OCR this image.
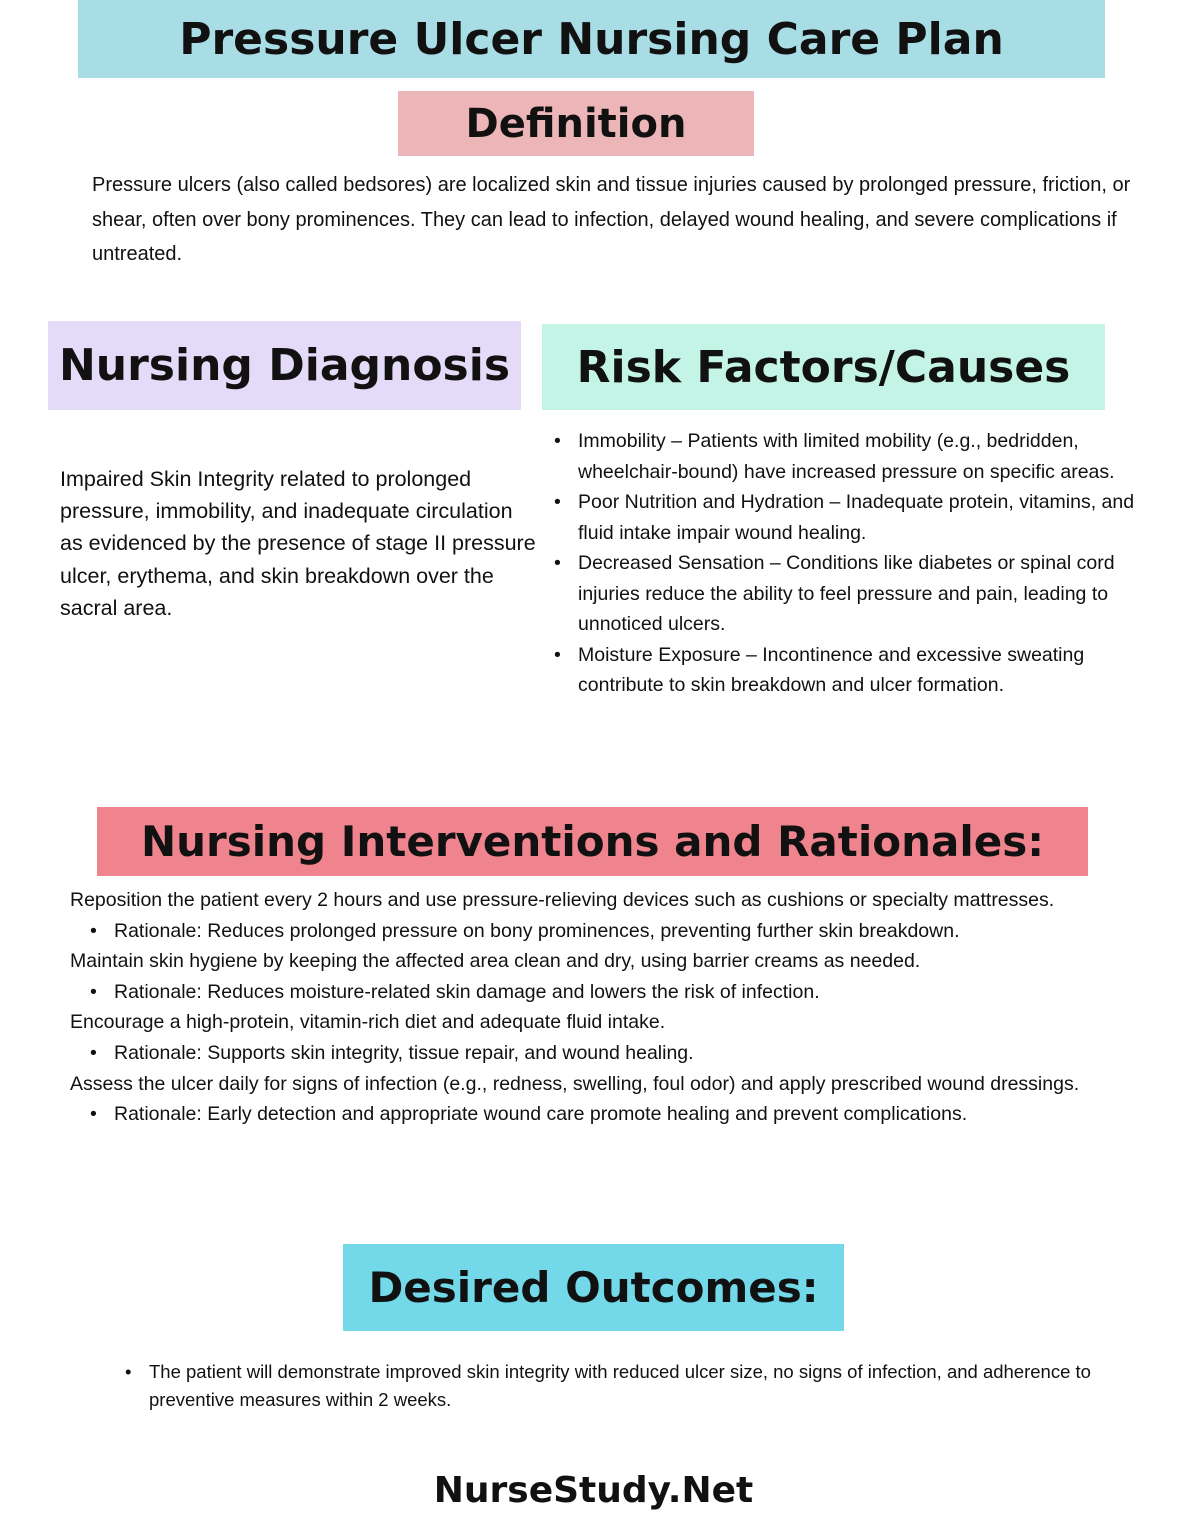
Pressure Ulcer Nursing Care Plan
Definition
Pressure ulcers (also called bedsores) are localized skin and tissue injuries caused by prolonged pressure, friction, or shear, often over bony prominences. They can lead to infection, delayed wound healing, and severe complications if untreated.
Nursing Diagnosis
Impaired Skin Integrity related to prolonged pressure, immobility, and inadequate circulation as evidenced by the presence of stage II pressure ulcer, erythema, and skin breakdown over the sacral area.
Risk Factors/Causes
• Immobility – Patients with limited mobility (e.g., bedridden, wheelchair-bound) have increased pressure on specific areas.
• Poor Nutrition and Hydration – Inadequate protein, vitamins, and fluid intake impair wound healing.
• Decreased Sensation – Conditions like diabetes or spinal cord injuries reduce the ability to feel pressure and pain, leading to unnoticed ulcers.
• Moisture Exposure – Incontinence and excessive sweating contribute to skin breakdown and ulcer formation.
Nursing Interventions and Rationales:
Reposition the patient every 2 hours and use pressure-relieving devices such as cushions or specialty mattresses.
• Rationale: Reduces prolonged pressure on bony prominences, preventing further skin breakdown.
Maintain skin hygiene by keeping the affected area clean and dry, using barrier creams as needed.
• Rationale: Reduces moisture-related skin damage and lowers the risk of infection.
Encourage a high-protein, vitamin-rich diet and adequate fluid intake.
• Rationale: Supports skin integrity, tissue repair, and wound healing.
Assess the ulcer daily for signs of infection (e.g., redness, swelling, foul odor) and apply prescribed wound dressings.
• Rationale: Early detection and appropriate wound care promote healing and prevent complications.
Desired Outcomes:
• The patient will demonstrate improved skin integrity with reduced ulcer size, no signs of infection, and adherence to preventive measures within 2 weeks.
NurseStudy.Net
